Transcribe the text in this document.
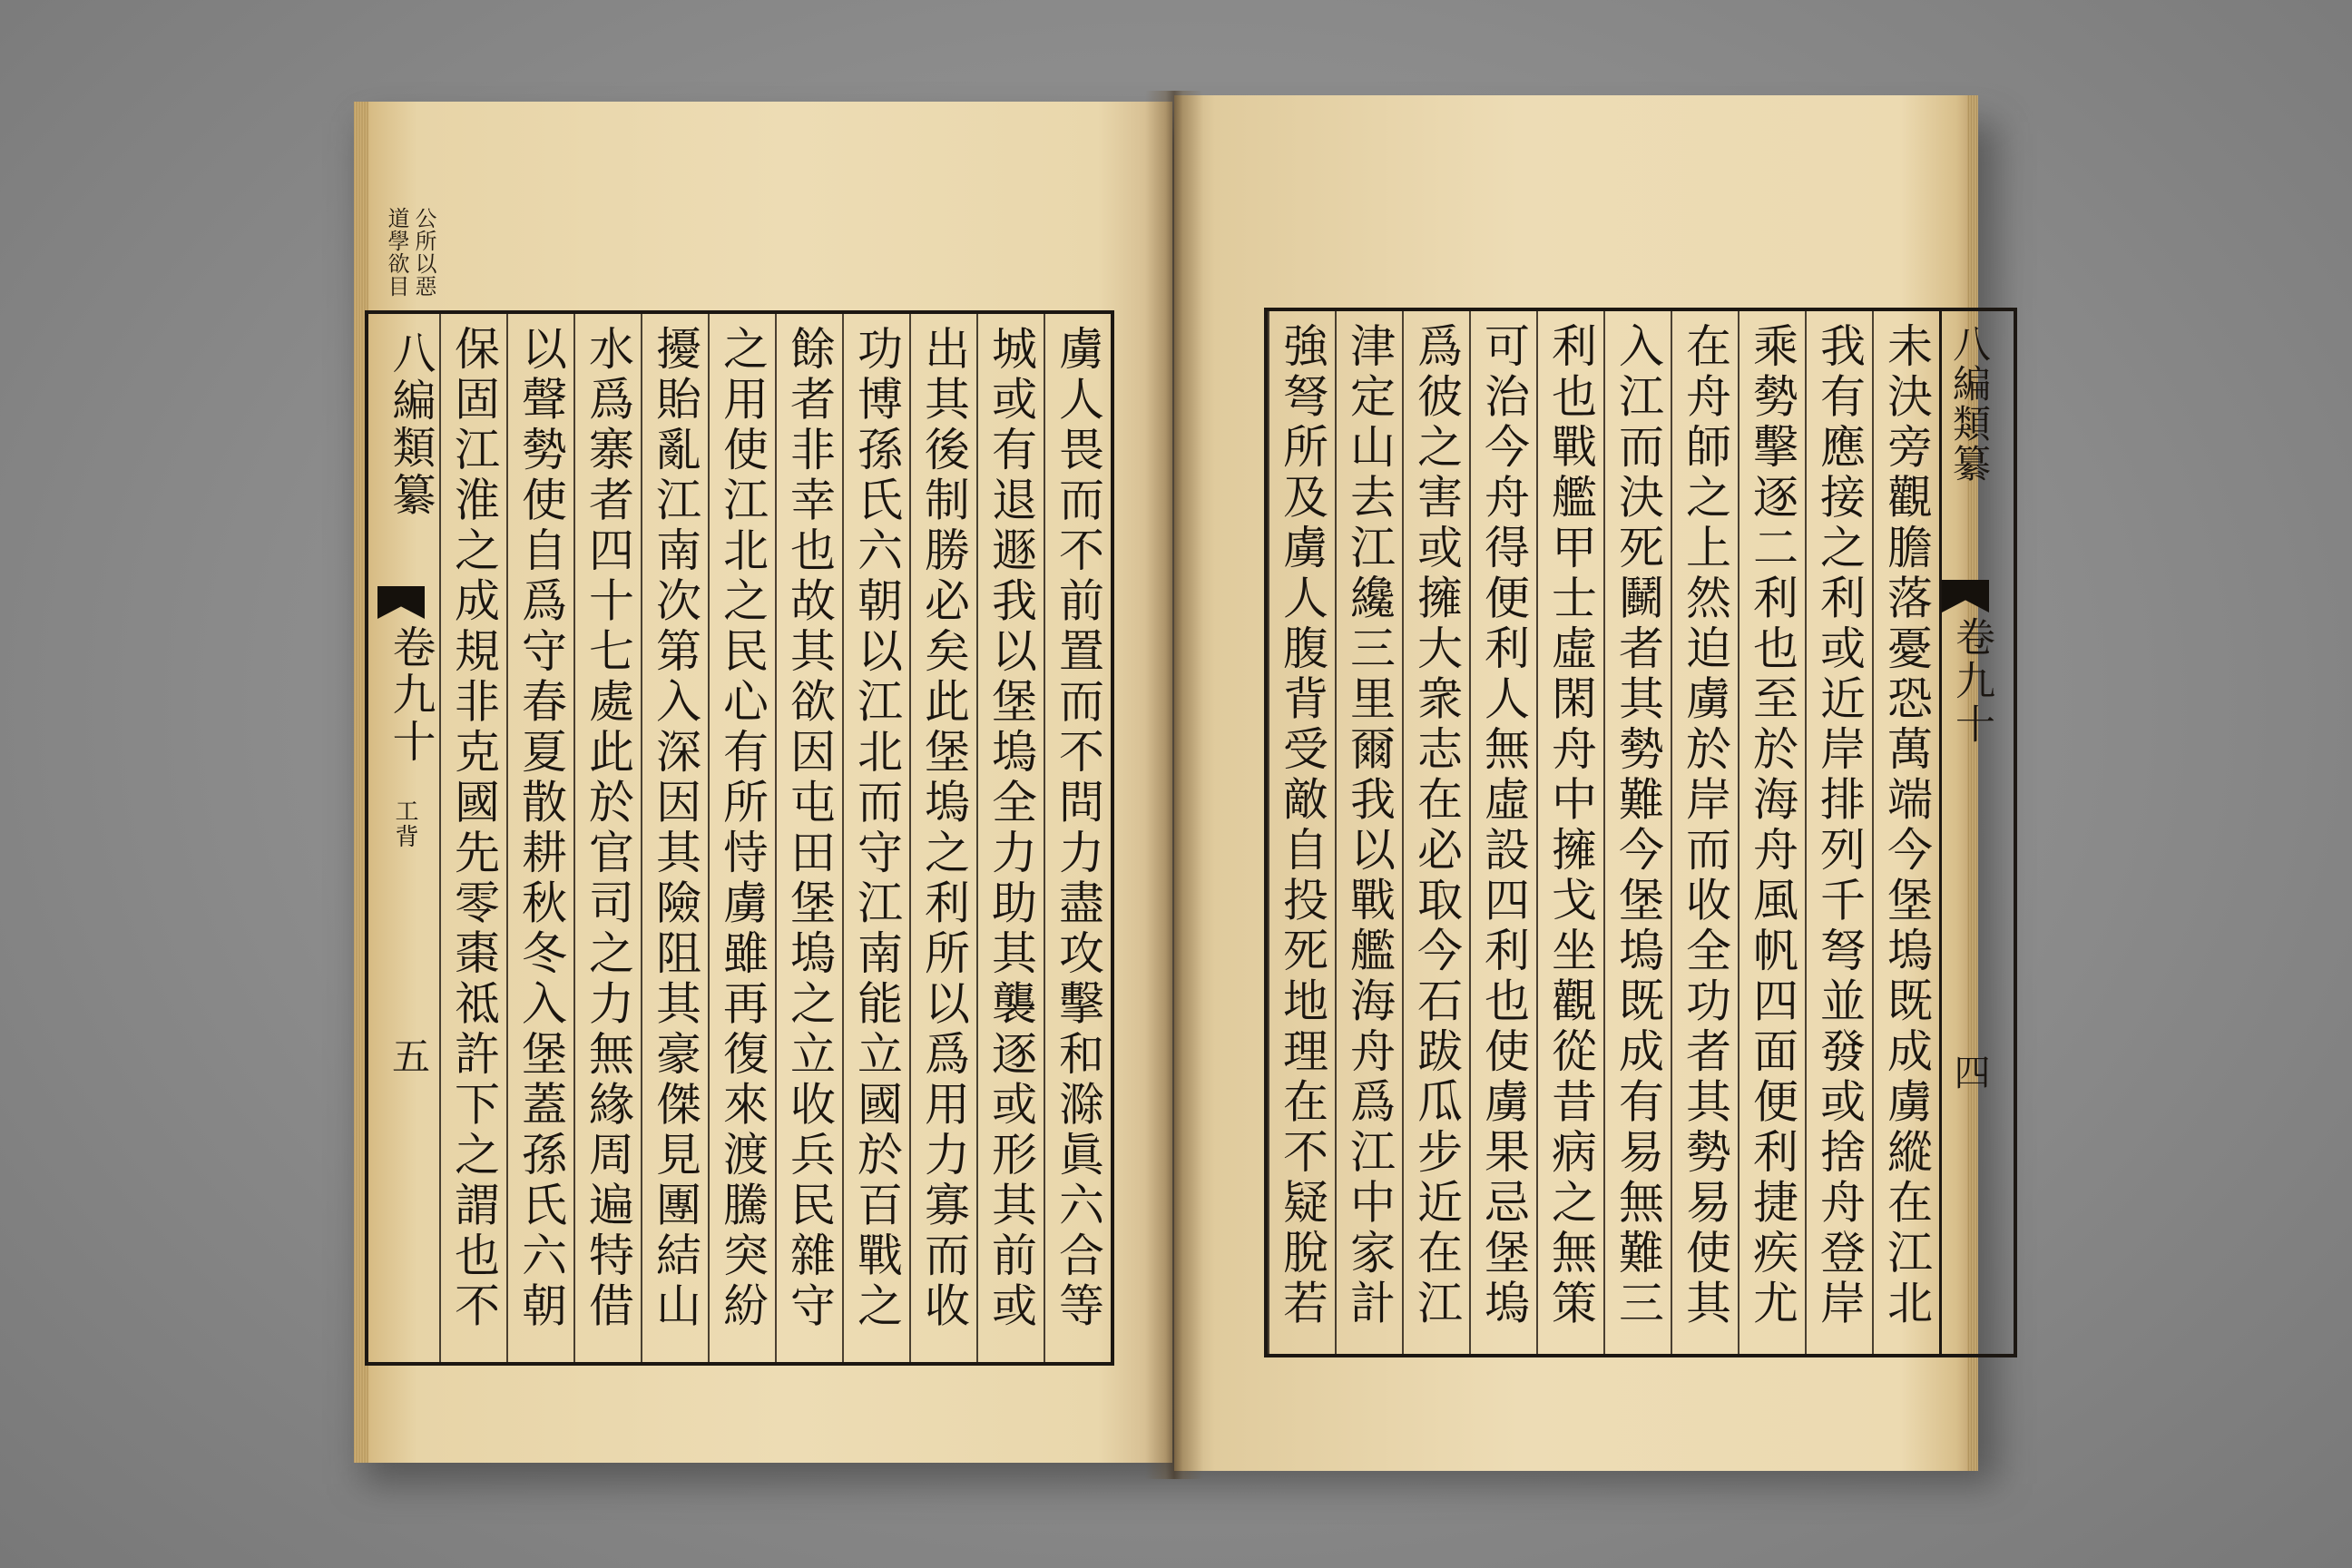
公所以惡
道學欲目
虜人畏而不前置而不問力盡攻擊和滁眞六合等
城或有退遯我以堡塢全力助其襲逐或形其前或
出其後制勝必矣此堡塢之利所以爲用力寡而收
功博孫氏六朝以江北而守江南能立國於百戰之
餘者非幸也故其欲因屯田堡塢之立收兵民雜守
之用使江北之民心有所恃虜雖再復來渡騰突紛
擾貽亂江南次第入深因其險阻其豪傑見團結山
水爲寨者四十七處此於官司之力無緣周遍特借
以聲勢使自爲守春夏散耕秋冬入堡蓋孫氏六朝
保固江淮之成規非克國先零棗祗許下之謂也不
八編類纂
卷九十
工背
五
八編類纂
卷九十
四
未決旁觀膽落憂恐萬端今堡塢既成虜縱在江北
我有應接之利或近岸排列千弩並發或捨舟登岸
乘勢擊逐二利也至於海舟風帆四面便利捷疾尤
在舟師之上然迫虜於岸而收全功者其勢易使其
入江而決死鬭者其勢難今堡塢既成有易無難三
利也戰艦甲士虛閑舟中擁戈坐觀從昔病之無策
可治今舟得便利人無虛設四利也使虜果忌堡塢
爲彼之害或擁大衆志在必取今石跋瓜步近在江
津定山去江纔三里爾我以戰艦海舟爲江中家計
強弩所及虜人腹背受敵自投死地理在不疑脫若
